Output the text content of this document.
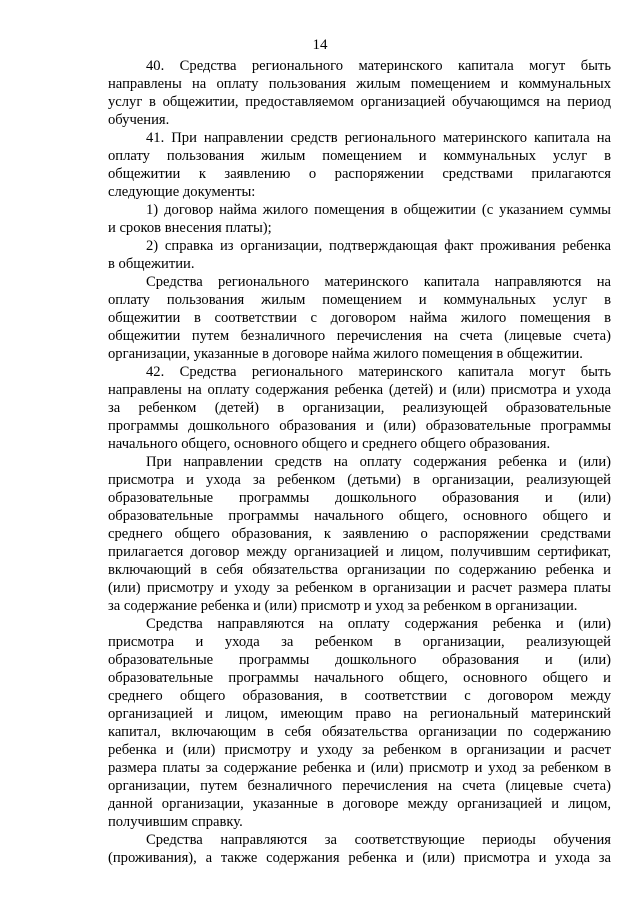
14
40. Средства регионального материнского капитала могут быть
направлены на оплату пользования жилым помещением и коммунальных
услуг в общежитии, предоставляемом организацией обучающимся на период
обучения.
41. При направлении средств регионального материнского капитала на
оплату пользования жилым помещением и коммунальных услуг в
общежитии к заявлению о распоряжении средствами прилагаются
следующие документы:
1) договор найма жилого помещения в общежитии (с указанием суммы
и сроков внесения платы);
2) справка из организации, подтверждающая факт проживания ребенка
в общежитии.
Средства регионального материнского капитала направляются на
оплату пользования жилым помещением и коммунальных услуг в
общежитии в соответствии с договором найма жилого помещения в
общежитии путем безналичного перечисления на счета (лицевые счета)
организации, указанные в договоре найма жилого помещения в общежитии.
42. Средства регионального материнского капитала могут быть
направлены на оплату содержания ребенка (детей) и (или) присмотра и ухода
за ребенком (детей) в организации, реализующей образовательные
программы дошкольного образования и (или) образовательные программы
начального общего, основного общего и среднего общего образования.
При направлении средств на оплату содержания ребенка и (или)
присмотра и ухода за ребенком (детьми) в организации, реализующей
образовательные программы дошкольного образования и (или)
образовательные программы начального общего, основного общего и
среднего общего образования, к заявлению о распоряжении средствами
прилагается договор между организацией и лицом, получившим сертификат,
включающий в себя обязательства организации по содержанию ребенка и
(или) присмотру и уходу за ребенком в организации и расчет размера платы
за содержание ребенка и (или) присмотр и уход за ребенком в организации.
Средства направляются на оплату содержания ребенка и (или)
присмотра и ухода за ребенком в организации, реализующей
образовательные программы дошкольного образования и (или)
образовательные программы начального общего, основного общего и
среднего общего образования, в соответствии с договором между
организацией и лицом, имеющим право на региональный материнский
капитал, включающим в себя обязательства организации по содержанию
ребенка и (или) присмотру и уходу за ребенком в организации и расчет
размера платы за содержание ребенка и (или) присмотр и уход за ребенком в
организации, путем безналичного перечисления на счета (лицевые счета)
данной организации, указанные в договоре между организацией и лицом,
получившим справку.
Средства направляются за соответствующие периоды обучения
(проживания), а также содержания ребенка и (или) присмотра и ухода за
